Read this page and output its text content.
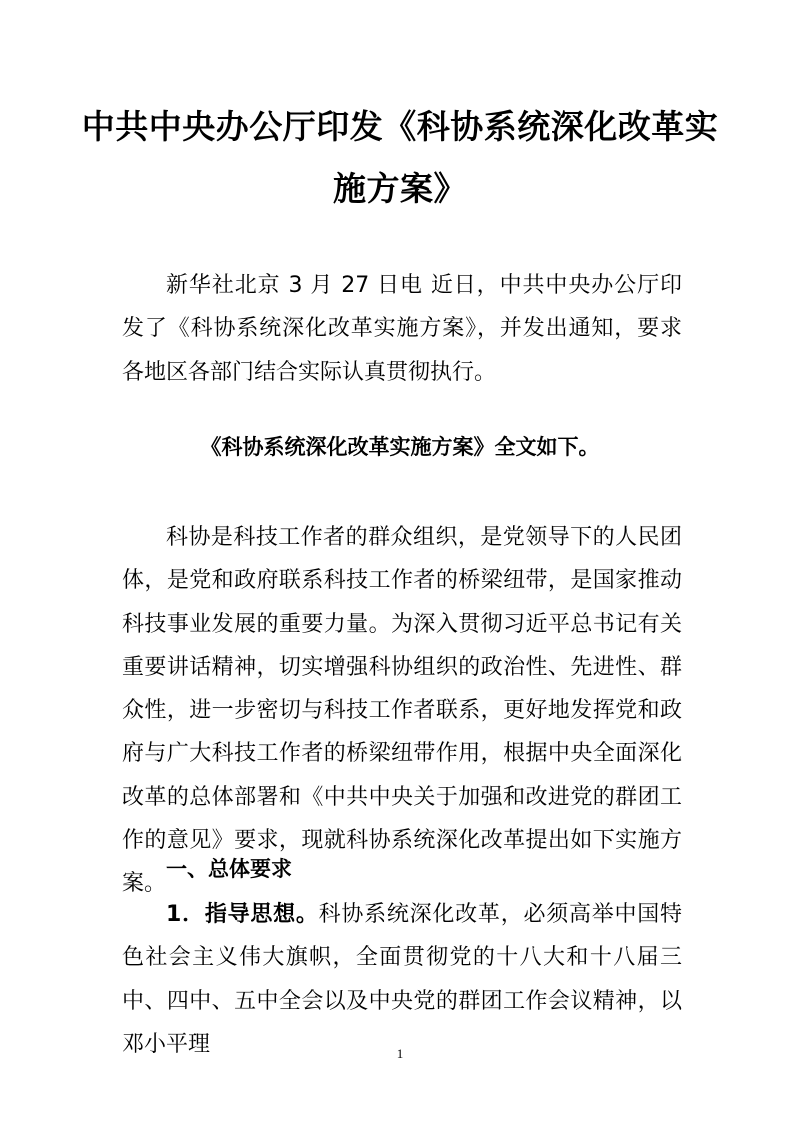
中共中央办公厅印发《科协系统深化改革实
施方案》

新华社北京 3 月 27 日电 近日，中共中央办公厅印发了《科协系统深化改革实施方案》，并发出通知，要求各地区各部门结合实际认真贯彻执行。

《科协系统深化改革实施方案》全文如下。

科协是科技工作者的群众组织，是党领导下的人民团体，是党和政府联系科技工作者的桥梁纽带，是国家推动科技事业发展的重要力量。为深入贯彻习近平总书记有关重要讲话精神，切实增强科协组织的政治性、先进性、群众性，进一步密切与科技工作者联系，更好地发挥党和政府与广大科技工作者的桥梁纽带作用，根据中央全面深化改革的总体部署和《中共中央关于加强和改进党的群团工作的意见》要求，现就科协系统深化改革提出如下实施方案。

一、总体要求

1．指导思想。科协系统深化改革，必须高举中国特色社会主义伟大旗帜，全面贯彻党的十八大和十八届三中、四中、五中全会以及中央党的群团工作会议精神，以邓小平理	1
